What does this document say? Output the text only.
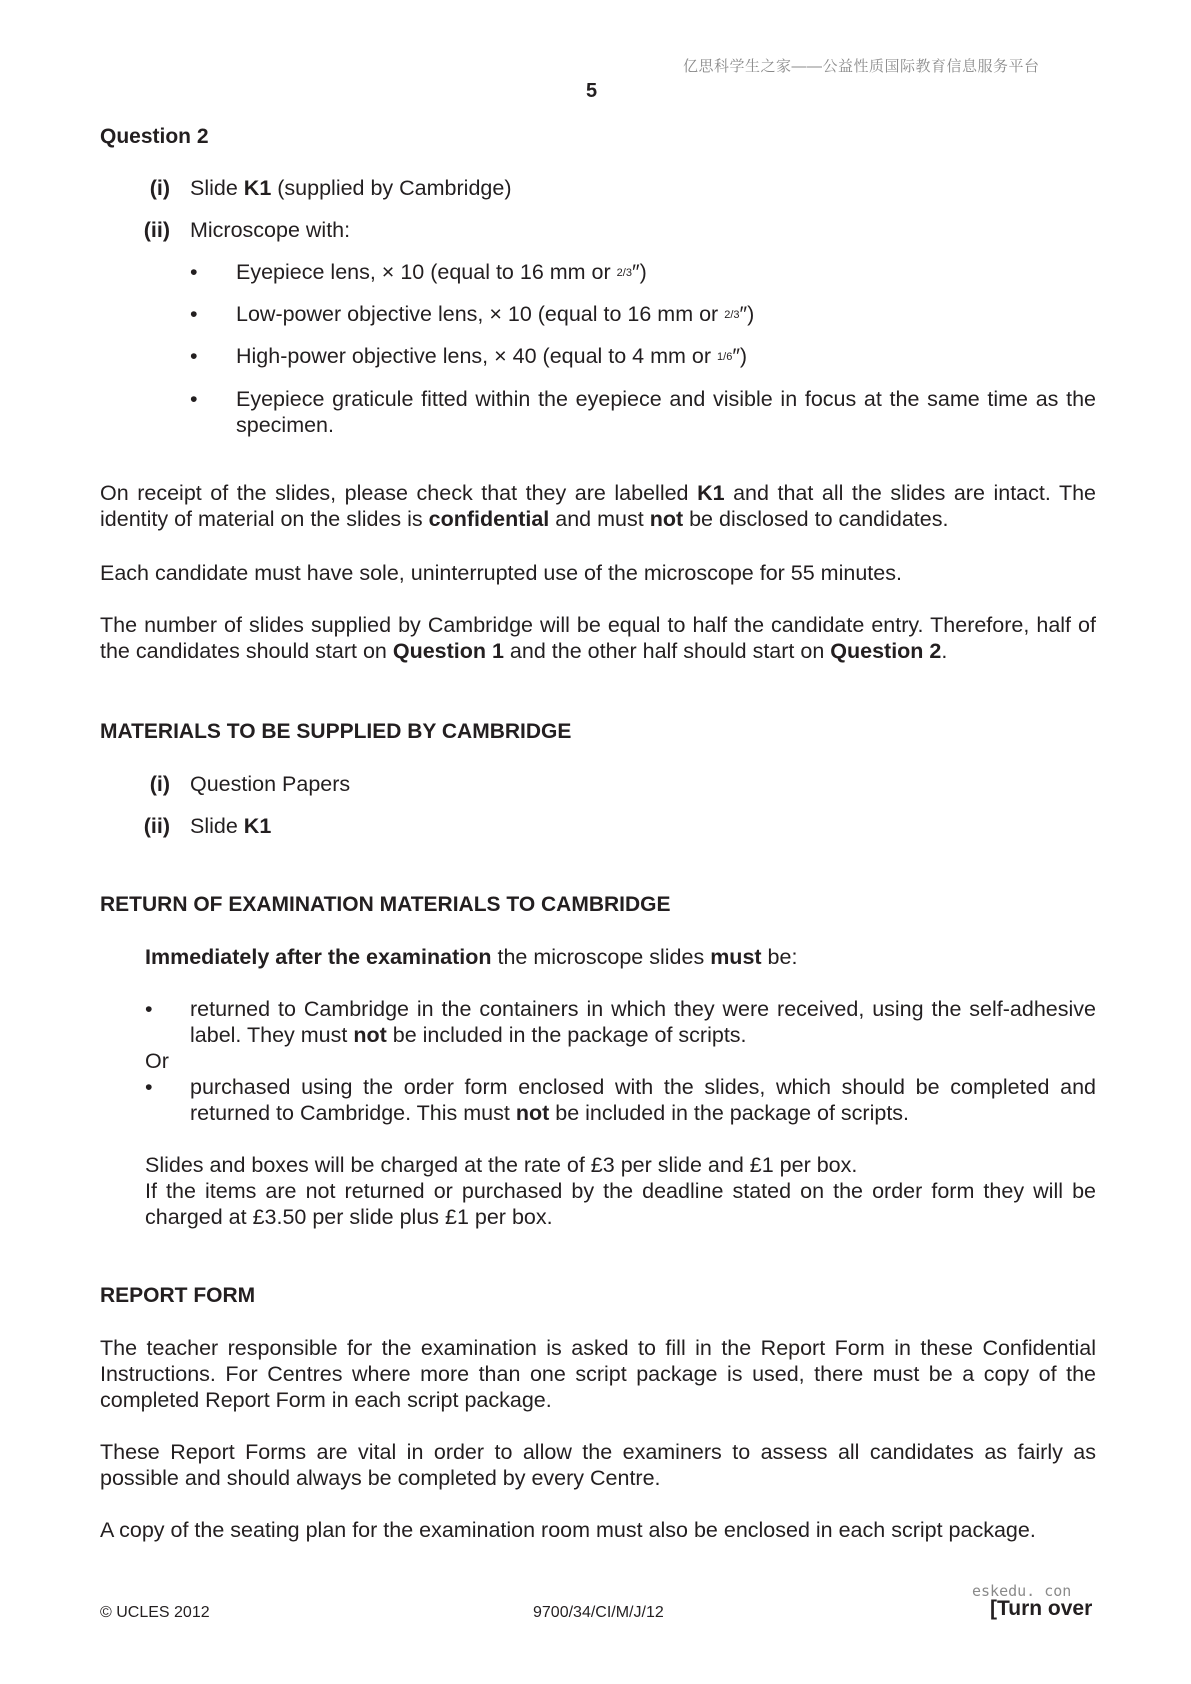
亿思科学生之家——公益性质国际教育信息服务平台
5
Question 2
(i) Slide K1 (supplied by Cambridge)
(ii) Microscope with:
•	Eyepiece lens, × 10 (equal to 16 mm or 2/3″)
•	Low-power objective lens, × 10 (equal to 16 mm or 2/3″)
•	High-power objective lens, × 40 (equal to 4 mm or 1/6″)
•	Eyepiece graticule fitted within the eyepiece and visible in focus at the same time as the specimen.
On receipt of the slides, please check that they are labelled K1 and that all the slides are intact. The identity of material on the slides is confidential and must not be disclosed to candidates.
Each candidate must have sole, uninterrupted use of the microscope for 55 minutes.
The number of slides supplied by Cambridge will be equal to half the candidate entry. Therefore, half of the candidates should start on Question 1 and the other half should start on Question 2.
MATERIALS TO BE SUPPLIED BY CAMBRIDGE
(i) Question Papers
(ii) Slide K1
RETURN OF EXAMINATION MATERIALS TO CAMBRIDGE
Immediately after the examination the microscope slides must be:
•	returned to Cambridge in the containers in which they were received, using the self-adhesive label. They must not be included in the package of scripts.
Or
•	purchased using the order form enclosed with the slides, which should be completed and returned to Cambridge. This must not be included in the package of scripts.
Slides and boxes will be charged at the rate of £3 per slide and £1 per box.
If the items are not returned or purchased by the deadline stated on the order form they will be charged at £3.50 per slide plus £1 per box.
REPORT FORM
The teacher responsible for the examination is asked to fill in the Report Form in these Confidential Instructions. For Centres where more than one script package is used, there must be a copy of the completed Report Form in each script package.
These Report Forms are vital in order to allow the examiners to assess all candidates as fairly as possible and should always be completed by every Centre.
A copy of the seating plan for the examination room must also be enclosed in each script package.
eskedu. con
© UCLES 2012	9700/34/CI/M/J/12	[Turn over
